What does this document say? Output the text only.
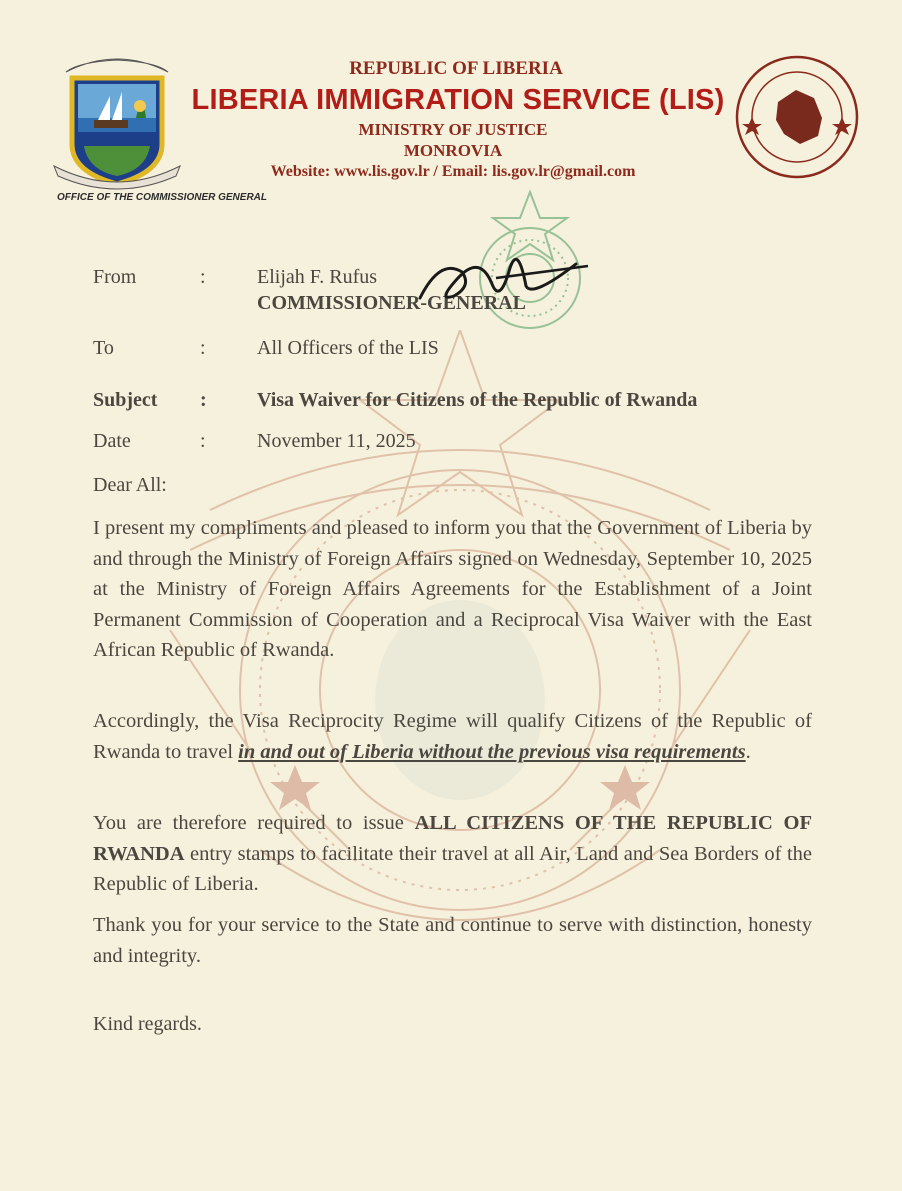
OFFICE OF THE COMMISSIONER GENERAL
REPUBLIC OF LIBERIA
LIBERIA IMMIGRATION SERVICE (LIS)
MINISTRY OF JUSTICE
MONROVIA
Website: www.lis.gov.lr / Email: lis.gov.lr@gmail.com
From	:	Elijah F. Rufus
COMMISSIONER-GENERAL
To	:	All Officers of the LIS
Subject :	Visa Waiver for Citizens of the Republic of Rwanda
Date	:	November 11, 2025
Dear All:
I present my compliments and pleased to inform you that the Government of Liberia by and through the Ministry of Foreign Affairs signed on Wednesday, September 10, 2025 at the Ministry of Foreign Affairs Agreements for the Establishment of a Joint Permanent Commission of Cooperation and a Reciprocal Visa Waiver with the East African Republic of Rwanda.
Accordingly, the Visa Reciprocity Regime will qualify Citizens of the Republic of Rwanda to travel in and out of Liberia without the previous visa requirements.
You are therefore required to issue ALL CITIZENS OF THE REPUBLIC OF RWANDA entry stamps to facilitate their travel at all Air, Land and Sea Borders of the Republic of Liberia.
Thank you for your service to the State and continue to serve with distinction, honesty and integrity.
Kind regards.
